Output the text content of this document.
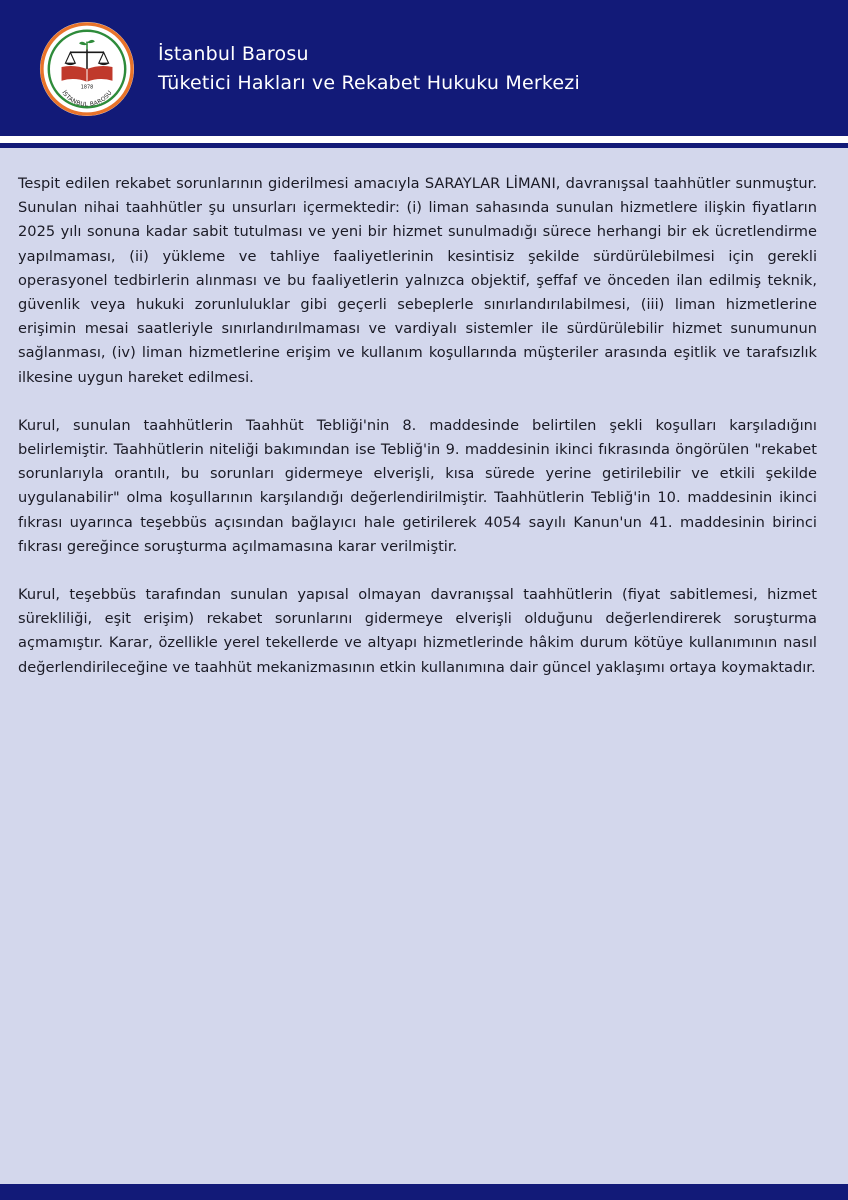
1878
İSTANBUL BAROSU
İstanbul Barosu
Tüketici Hakları ve Rekabet Hukuku Merkezi

Tespit edilen rekabet sorunlarının giderilmesi amacıyla SARAYLAR LİMANI, davranışsal taahhütler sunmuştur. Sunulan nihai taahhütler şu unsurları içermektedir: (i) liman sahasında sunulan hizmetlere ilişkin fiyatların 2025 yılı sonuna kadar sabit tutulması ve yeni bir hizmet sunulmadığı sürece herhangi bir ek ücretlendirme yapılmaması, (ii) yükleme ve tahliye faaliyetlerinin kesintisiz şekilde sürdürülebilmesi için gerekli operasyonel tedbirlerin alınması ve bu faaliyetlerin yalnızca objektif, şeffaf ve önceden ilan edilmiş teknik, güvenlik veya hukuki zorunluluklar gibi geçerli sebeplerle sınırlandırılabilmesi, (iii) liman hizmetlerine erişimin mesai saatleriyle sınırlandırılmaması ve vardiyalı sistemler ile sürdürülebilir hizmet sunumunun sağlanması, (iv) liman hizmetlerine erişim ve kullanım koşullarında müşteriler arasında eşitlik ve tarafsızlık ilkesine uygun hareket edilmesi.

Kurul, sunulan taahhütlerin Taahhüt Tebliği'nin 8. maddesinde belirtilen şekli koşulları karşıladığını belirlemiştir. Taahhütlerin niteliği bakımından ise Tebliğ'in 9. maddesinin ikinci fıkrasında öngörülen "rekabet sorunlarıyla orantılı, bu sorunları gidermeye elverişli, kısa sürede yerine getirilebilir ve etkili şekilde uygulanabilir" olma koşullarının karşılandığı değerlendirilmiştir. Taahhütlerin Tebliğ'in 10. maddesinin ikinci fıkrası uyarınca teşebbüs açısından bağlayıcı hale getirilerek 4054 sayılı Kanun'un 41. maddesinin birinci fıkrası gereğince soruşturma açılmamasına karar verilmiştir.

Kurul, teşebbüs tarafından sunulan yapısal olmayan davranışsal taahhütlerin (fiyat sabitlemesi, hizmet sürekliliği, eşit erişim) rekabet sorunlarını gidermeye elverişli olduğunu değerlendirerek soruşturma açmamıştır. Karar, özellikle yerel tekellerde ve altyapı hizmetlerinde hâkim durum kötüye kullanımının nasıl değerlendirileceğine ve taahhüt mekanizmasının etkin kullanımına dair güncel yaklaşımı ortaya koymaktadır.
